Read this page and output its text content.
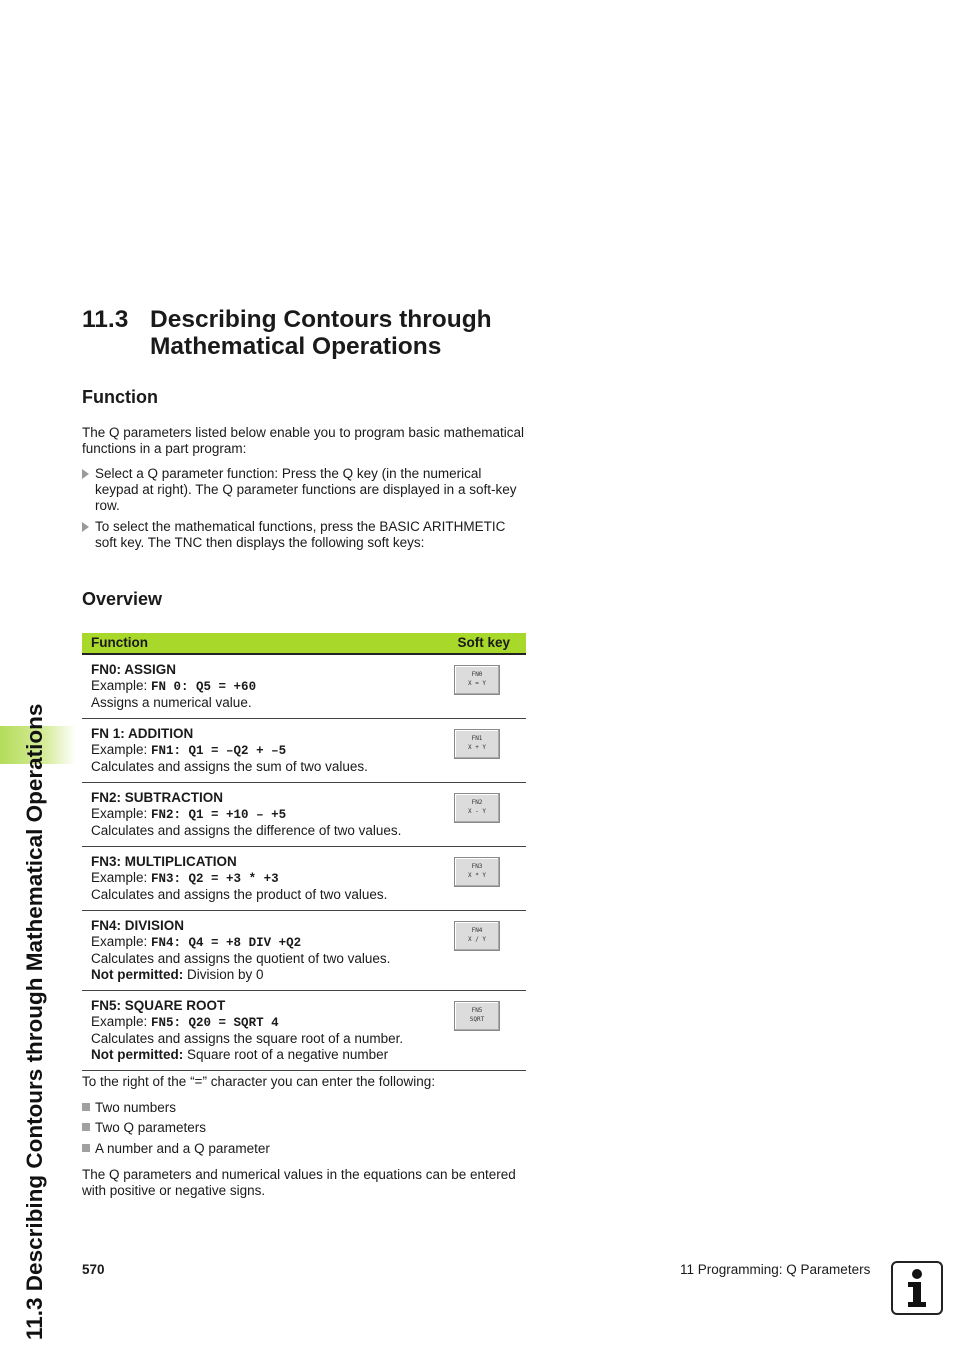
11.3 Describing Contours through Mathematical Operations
11.3 Describing Contours through Mathematical Operations
Function
The Q parameters listed below enable you to program basic mathematical functions in a part program:
Select a Q parameter function: Press the Q key (in the numerical keypad at right). The Q parameter functions are displayed in a soft-key row.
To select the mathematical functions, press the BASIC ARITHMETIC soft key. The TNC then displays the following soft keys:
Overview
Function	Soft key
FN0: ASSIGN
Example: FN 0: Q5 = +60
Assigns a numerical value.
FN0
X = Y
FN 1: ADDITION
Example: FN1: Q1 = –Q2 + –5
Calculates and assigns the sum of two values.
FN1
X + Y
FN2: SUBTRACTION
Example: FN2: Q1 = +10 – +5
Calculates and assigns the difference of two values.
FN2
X - Y
FN3: MULTIPLICATION
Example: FN3: Q2 = +3 * +3
Calculates and assigns the product of two values.
FN3
X * Y
FN4: DIVISION
Example: FN4: Q4 = +8 DIV +Q2
Calculates and assigns the quotient of two values.
Not permitted: Division by 0
FN4
X / Y
FN5: SQUARE ROOT
Example: FN5: Q20 = SQRT 4
Calculates and assigns the square root of a number.
Not permitted: Square root of a negative number
FN5
SQRT
To the right of the “=” character you can enter the following:
Two numbers
Two Q parameters
A number and a Q parameter
The Q parameters and numerical values in the equations can be entered with positive or negative signs.
570	11 Programming: Q Parameters
